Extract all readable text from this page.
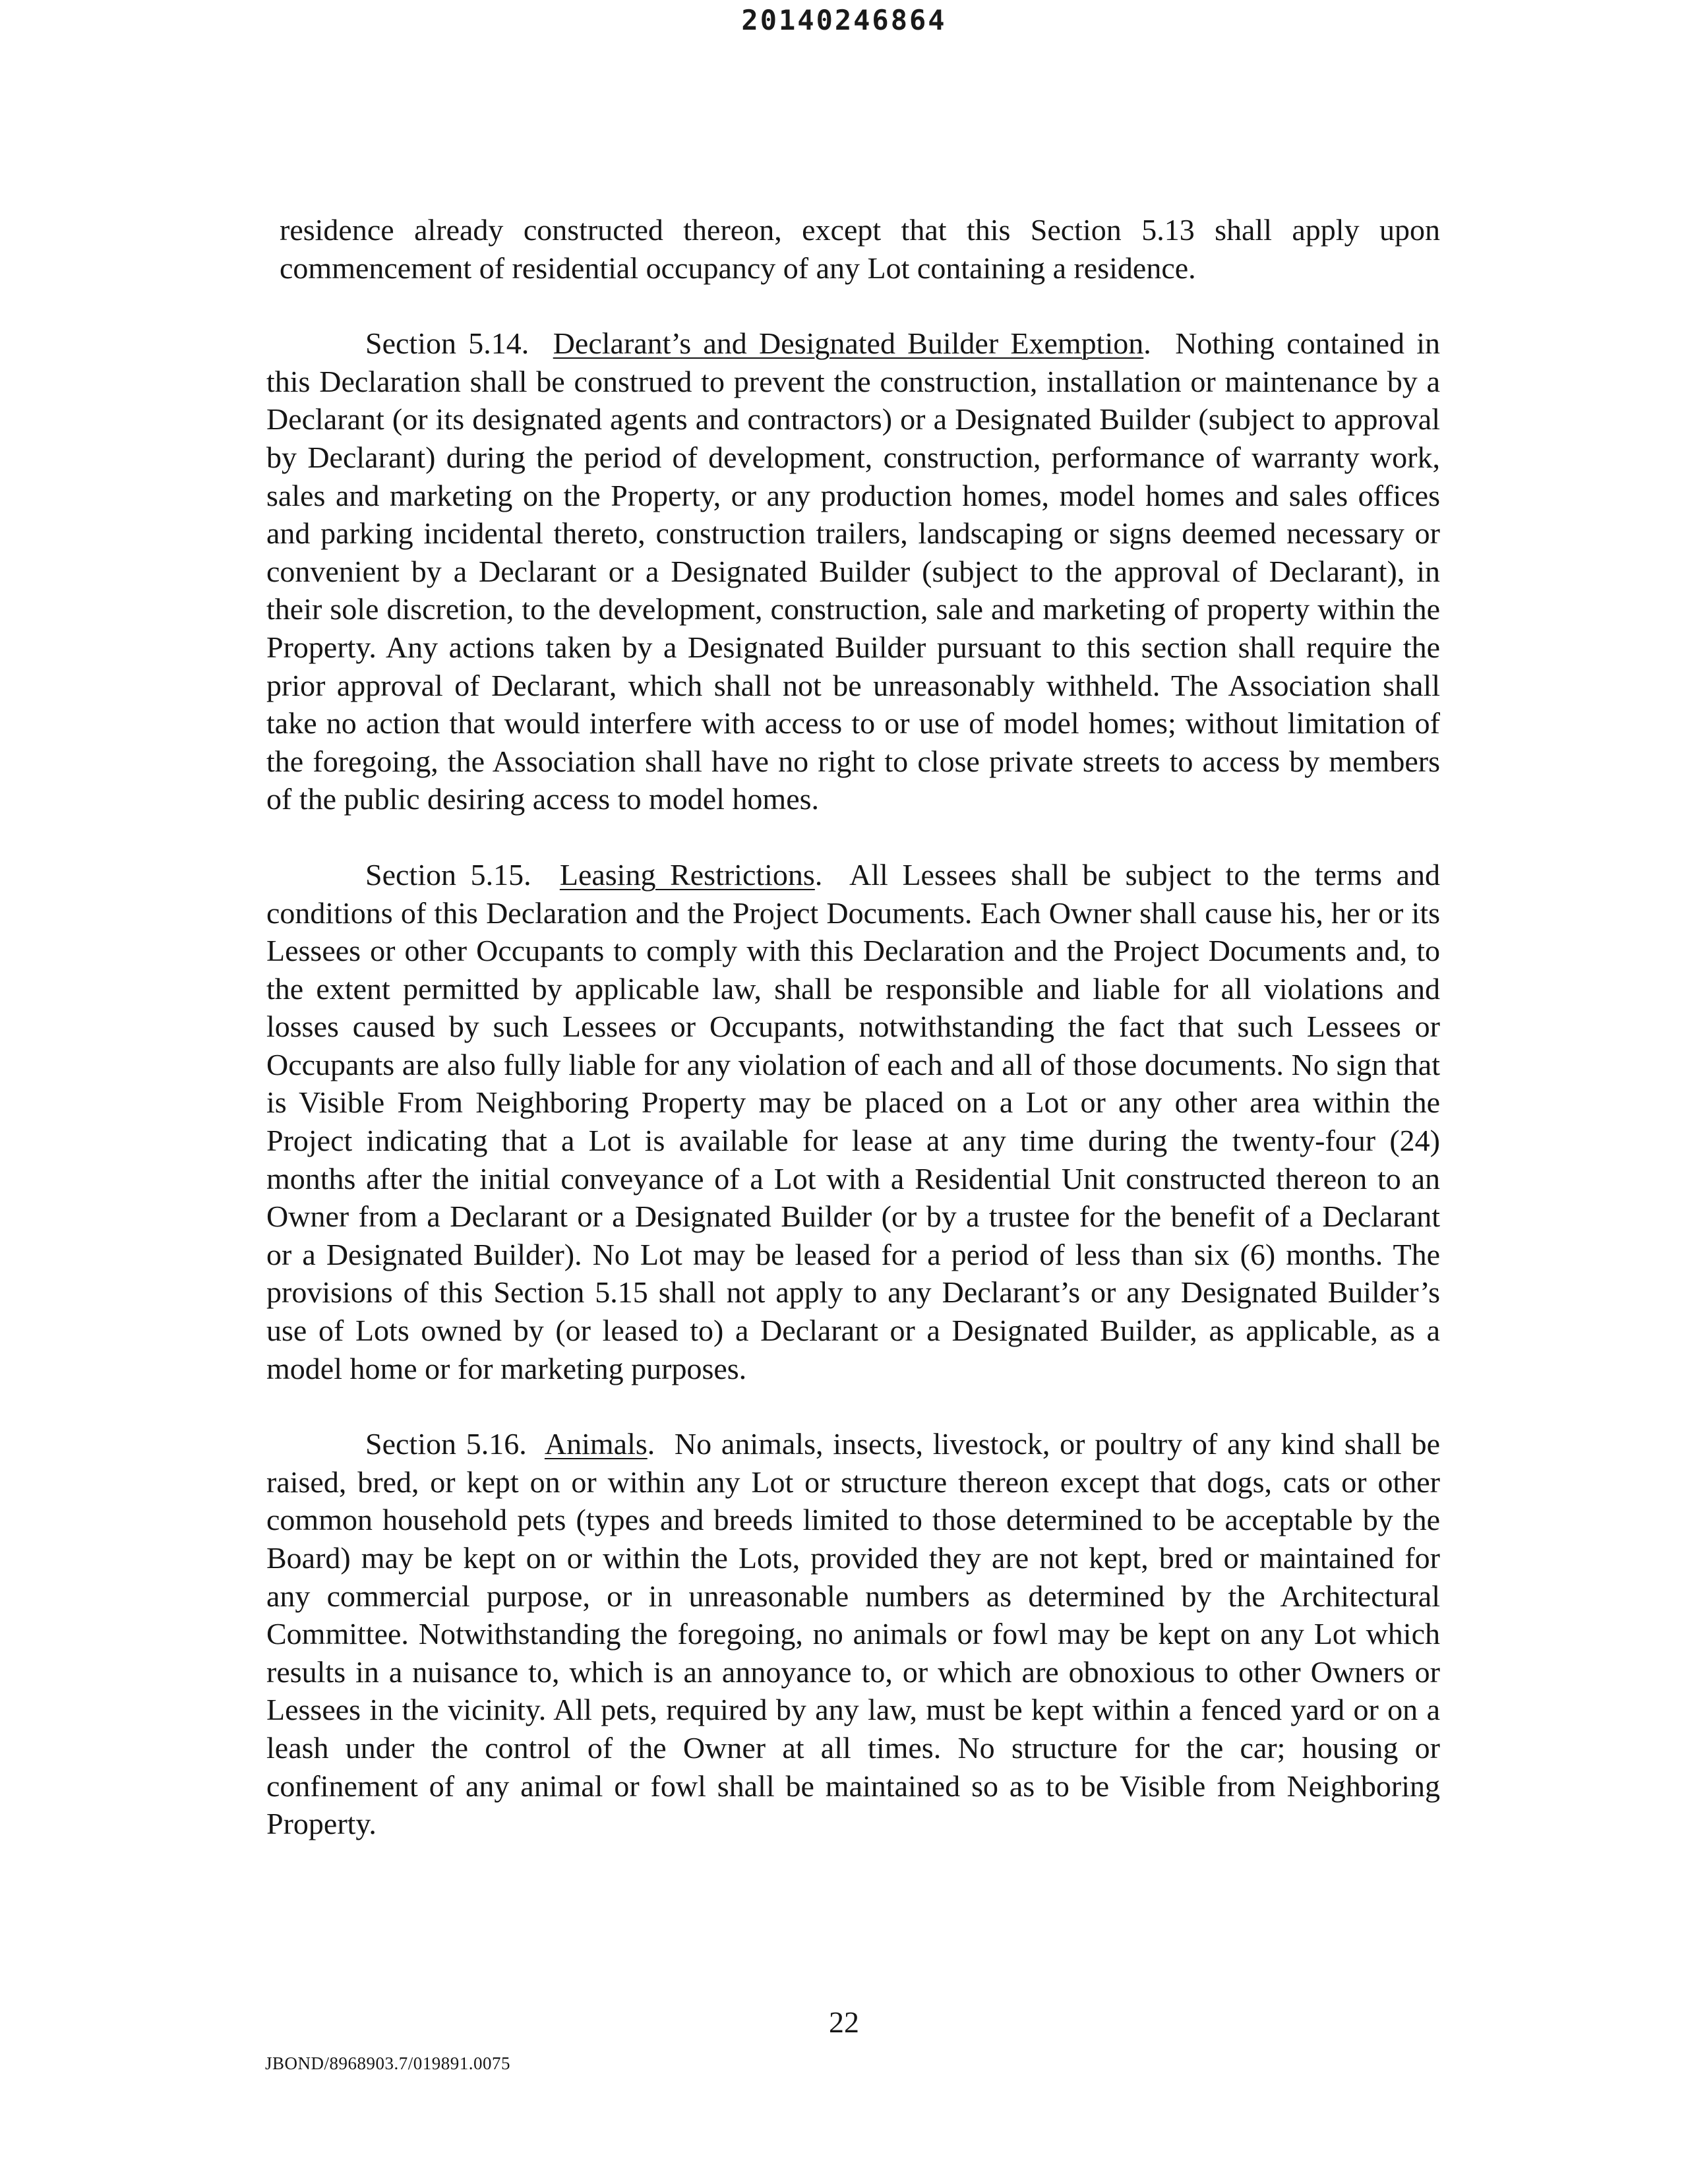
20140246864

residence already constructed thereon, except that this Section 5.13 shall apply upon commencement of residential occupancy of any Lot containing a residence.

Section 5.14. Declarant’s and Designated Builder Exemption.  Nothing contained in this Declaration shall be construed to prevent the construction, installation or maintenance by a Declarant (or its designated agents and contractors) or a Designated Builder (subject to approval by Declarant) during the period of development, construction, performance of warranty work, sales and marketing on the Property, or any production homes, model homes and sales offices and parking incidental thereto, construction trailers, landscaping or signs deemed necessary or convenient by a Declarant or a Designated Builder (subject to the approval of Declarant), in their sole discretion, to the development, construction, sale and marketing of property within the Property. Any actions taken by a Designated Builder pursuant to this section shall require the prior approval of Declarant, which shall not be unreasonably withheld. The Association shall take no action that would interfere with access to or use of model homes; without limitation of the foregoing, the Association shall have no right to close private streets to access by members of the public desiring access to model homes.

Section 5.15. Leasing Restrictions.  All Lessees shall be subject to the terms and conditions of this Declaration and the Project Documents. Each Owner shall cause his, her or its Lessees or other Occupants to comply with this Declaration and the Project Documents and, to the extent permitted by applicable law, shall be responsible and liable for all violations and losses caused by such Lessees or Occupants, notwithstanding the fact that such Lessees or Occupants are also fully liable for any violation of each and all of those documents. No sign that is Visible From Neighboring Property may be placed on a Lot or any other area within the Project indicating that a Lot is available for lease at any time during the twenty-four (24) months after the initial conveyance of a Lot with a Residential Unit constructed thereon to an Owner from a Declarant or a Designated Builder (or by a trustee for the benefit of a Declarant or a Designated Builder). No Lot may be leased for a period of less than six (6) months. The provisions of this Section 5.15 shall not apply to any Declarant’s or any Designated Builder’s use of Lots owned by (or leased to) a Declarant or a Designated Builder, as applicable, as a model home or for marketing purposes.

Section 5.16. Animals.  No animals, insects, livestock, or poultry of any kind shall be raised, bred, or kept on or within any Lot or structure thereon except that dogs, cats or other common household pets (types and breeds limited to those determined to be acceptable by the Board) may be kept on or within the Lots, provided they are not kept, bred or maintained for any commercial purpose, or in unreasonable numbers as determined by the Architectural Committee. Notwithstanding the foregoing, no animals or fowl may be kept on any Lot which results in a nuisance to, which is an annoyance to, or which are obnoxious to other Owners or Lessees in the vicinity. All pets, required by any law, must be kept within a fenced yard or on a leash under the control of the Owner at all times. No structure for the car; housing or confinement of any animal or fowl shall be maintained so as to be Visible from Neighboring Property.

22
JBOND/8968903.7/019891.0075
